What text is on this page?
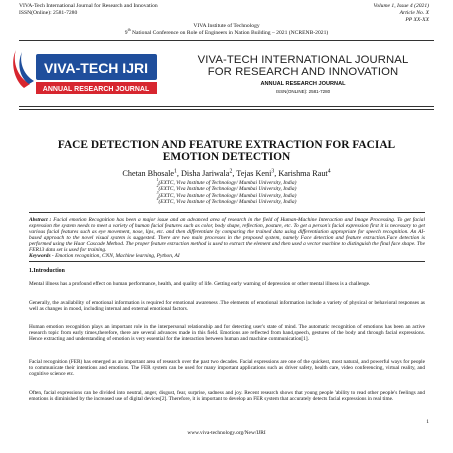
VIVA-Tech International Journal for Research and Innovation
ISSN(Online): 2581-7280
Volume 1, Issue 4 (2021)
Article No. X
PP XX-XX
VIVA Institute of Technology
9th National Conference on Role of Engineers in Nation Building – 2021 (NCRENB-2021)
VIVA-TECH IJRI
ANNUAL RESEARCH JOURNAL
VIVA-TECH INTERNATIONAL JOURNAL
FOR RESEARCH AND INNOVATION
ANNUAL RESEARCH JOURNAL
ISSN(ONLINE): 2581-7280
FACE DETECTION AND FEATURE EXTRACTION FOR FACIAL
EMOTION DETECTION
Chetan Bhosale$^1$, Disha Jariwala$^2$, Tejas Keni$^3$, Karishma Raut$^4$
$^1$(EXTC, Viva Institute of Technology/ Mumbai University, India)
$^2$(EXTC, Viva Institute of Technology/ Mumbai University, India)
$^3$(EXTC, Viva Institute of Technology/ Mumbai University, India)
$^4$(EXTC, Viva Institute of Technology/ Mumbai University, India)
Abstract : Facial emotion Recognition has been a major issue and an advanced area of research in the field of Human-Machine Interaction and Image Processing. To get facial expression the system needs to meet a variety of human facial features such as color, body shape, reflection, posture, etc. To get a person's facial expression first it is necessary to get various facial features such as eye movement, nose, lips, etc. and then differentiate by comparing the trained data using differentiation appropriate for speech recognition. An AI-based approach to the novel visual system is suggested. There are two main processes in the proposed system, namely Face detection and feature extraction.Face detection is performed using the Haar Cascade Method. The proper feature extraction method is used to extract the element and then used a vector machine to distinguish the final face shape. The FER13 data set is used for training.
Keywords - Emotion recognition, CNN, Machine learning, Python, AI
1.Introduction
Mental illness has a profound effect on human performance, health, and quality of life. Getting early warning of depression or other mental illness is a challenge.
Generally, the availability of emotional information is required for emotional awareness .The elements of emotional information include a variety of physical or behavioral responses as well as changes in mood, including internal and external emotional factors.
Human emotion recognition plays an important role in the interpersonal relationship and for detecting user's state of mind. The automatic recognition of emotions has been an active research topic from early times,therefore, there are several advances made in this field. Emotions are reflected from hand,speech, gestures of the body and through facial expressions. Hence extracting and understanding of emotion is very essential for the interaction between human and machine communication[1].
Facial recognition (FER) has emerged as an important area of research over the past two decades. Facial expressions are one of the quickest, most natural, and powerful ways for people to communicate their intentions and emotions. The FER system can be used for many important applications such as driver safety, health care, video conferencing, virtual reality, and cognitive science etc.
Often, facial expressions can be divided into neutral, anger, disgust, fear, surprise, sadness and joy. Recent research shows that young people 'ability to read other people's feelings and emotions is diminished by the increased use of digital devices[2]. Therefore, it is important to develop an FER system that accurately detects facial expressions in real time.
1
www.viva-technology.org/New/IJRI
